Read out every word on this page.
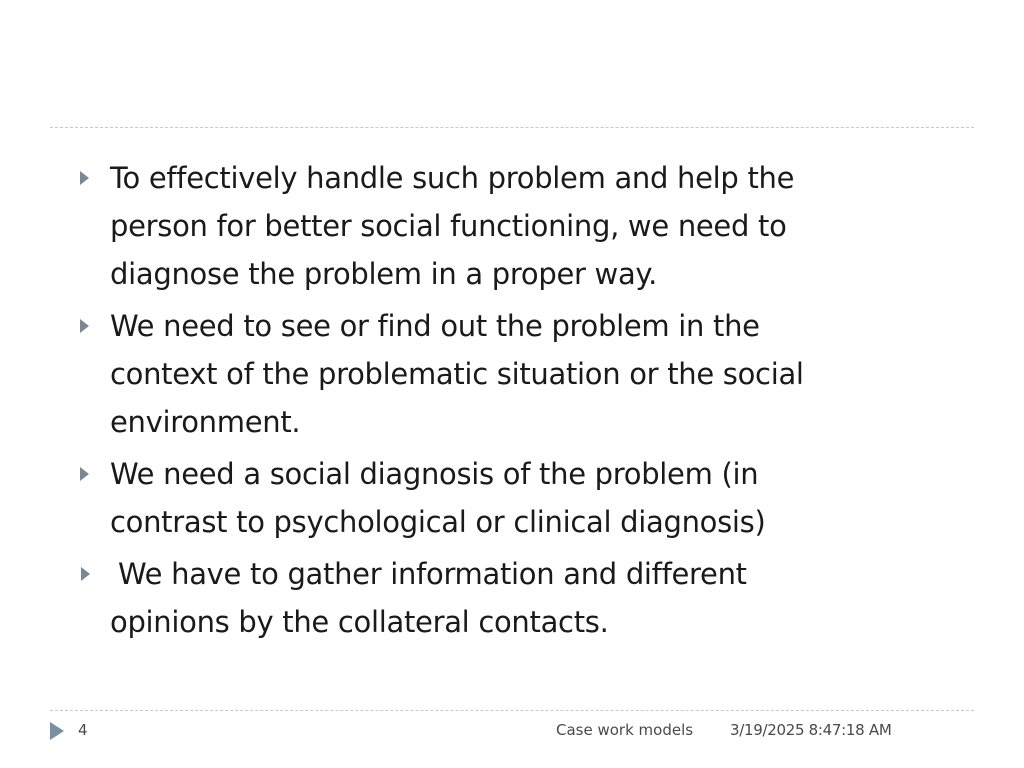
To effectively handle such problem and help the
person for better social functioning, we need to
diagnose the problem in a proper way.
We need to see or find out the problem in the
context of the problematic situation or the social
environment.
We need a social diagnosis of the problem (in
contrast to psychological or clinical diagnosis)
We have to gather information and different
opinions by the collateral contacts.
4	Case work models 3/19/2025 8:47:18 AM
